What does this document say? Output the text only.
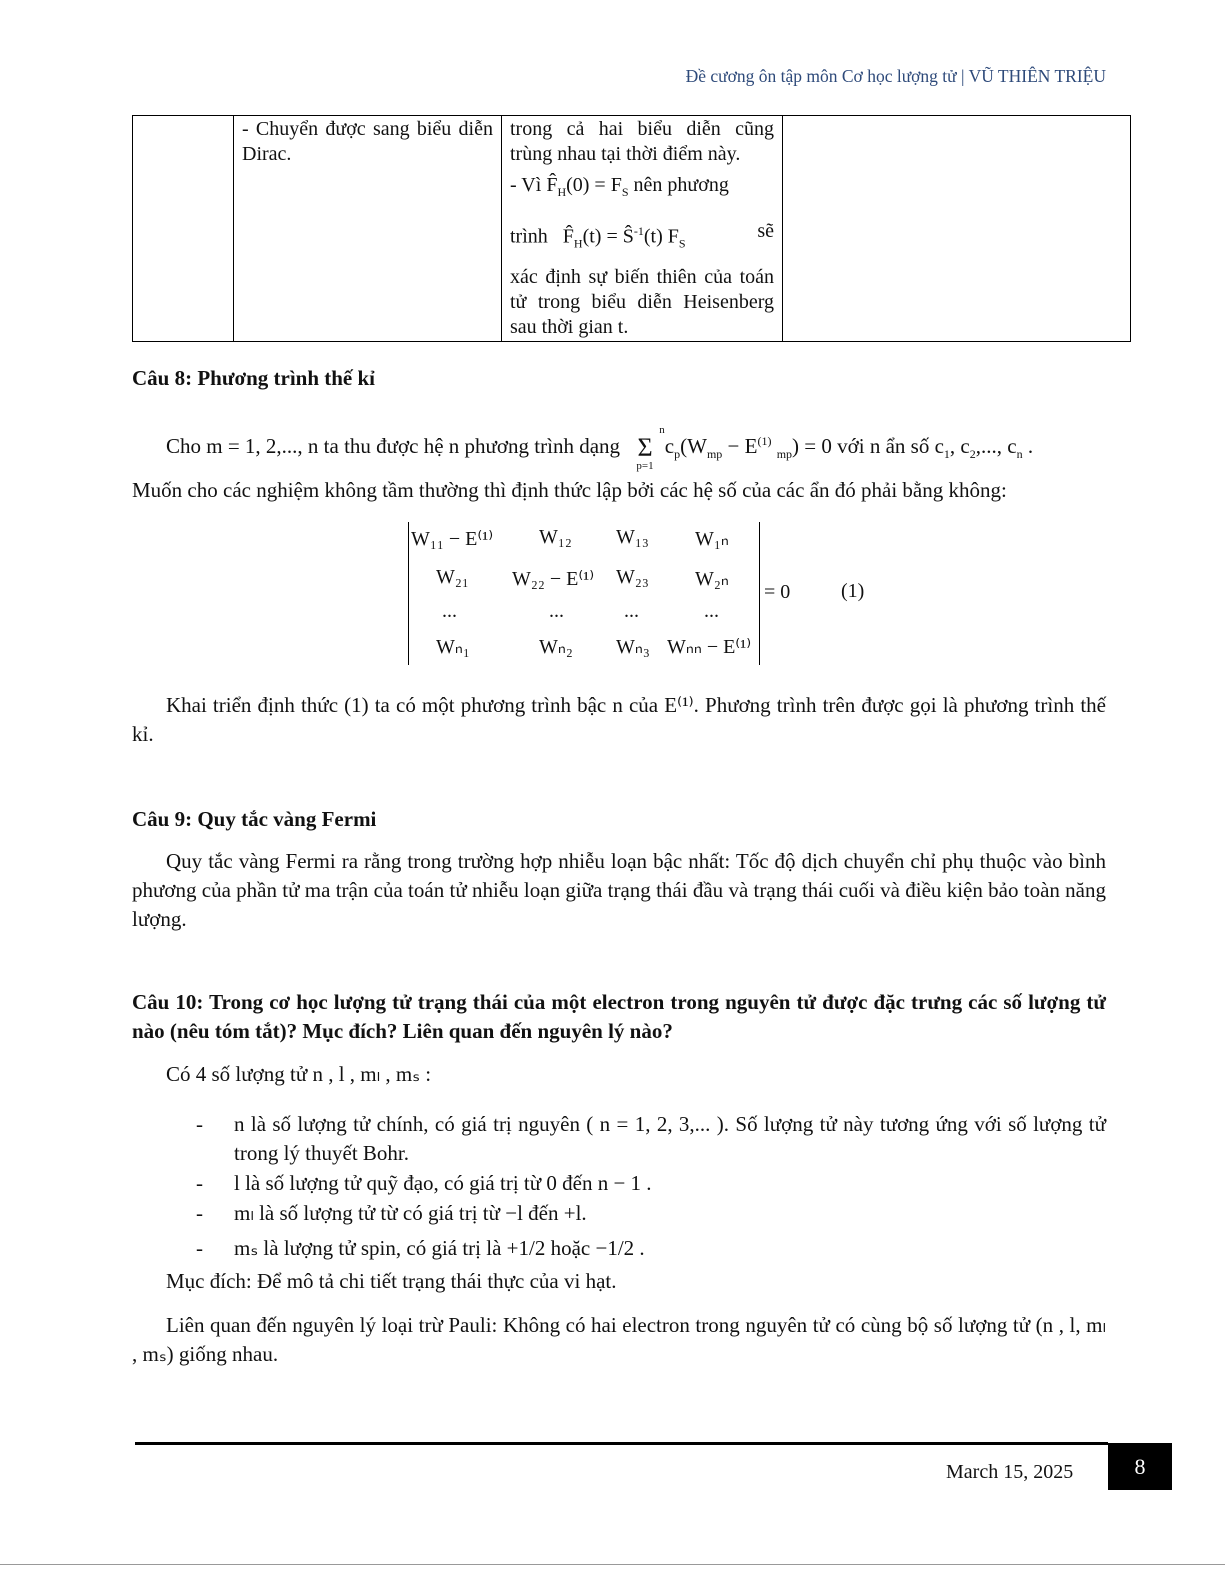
Đề cương ôn tập môn Cơ học lượng tử | VŨ THIÊN TRIỆU
	- Chuyển được sang biểu diễn Dirac.	
trong cả hai biểu diễn cũng trùng nhau tại thời điểm này.
- Vì $F̂_H(0) = F_S$ nên phương
trình   $F̂_H(t)$ = $Ŝ^{-1}(t)$ $F_S$
sẽ
xác định sự biến thiên của toán tử trong biểu diễn Heisenberg sau thời gian t.

Câu 8: Phương trình thế kỉ
Cho m = 1, 2,..., n ta thu được hệ n phương trình dạng n
Σ
$p=1c_p(W_{mp} - E^{(1)}$ $_{mp}$) = 0 với n ẩn số $c_1$, $c_2$,..., $c_n$ .
Muốn cho các nghiệm không tầm thường thì định thức lập bởi các hệ số của các ẩn đó phải bằng không:
W₁₁ − E⁽¹⁾ W₁₂ W₁₃ W₁ₙ
W₂₁ W₂₂ − E⁽¹⁾ W₂₃ W₂ₙ
...	...	...	...
Wₙ₁	Wₙ₂ Wₙ₃ Wₙₙ − E⁽¹⁾
= 0	(1)
Khai triển định thức (1) ta có một phương trình bậc n của E⁽¹⁾. Phương trình trên được gọi là phương trình thế kỉ.
Câu 9: Quy tắc vàng Fermi
Quy tắc vàng Fermi ra rằng trong trường hợp nhiễu loạn bậc nhất: Tốc độ dịch chuyển chỉ phụ thuộc vào bình phương của phần tử ma trận của toán tử nhiễu loạn giữa trạng thái đầu và trạng thái cuối và điều kiện bảo toàn năng lượng.
Câu 10: Trong cơ học lượng tử trạng thái của một electron trong nguyên tử được đặc trưng các số lượng tử nào (nêu tóm tắt)? Mục đích? Liên quan đến nguyên lý nào?
Có 4 số lượng tử n , l , mₗ , mₛ :
- n là số lượng tử chính, có giá trị nguyên ( n = 1, 2, 3,... ). Số lượng tử này tương ứng với số lượng tử trong lý thuyết Bohr.
- l là số lượng tử quỹ đạo, có giá trị từ 0 đến n − 1 .
- mₗ là số lượng tử từ có giá trị từ −l đến +l.
- mₛ là lượng tử spin, có giá trị là +1/2 hoặc −1/2 .
Mục đích: Để mô tả chi tiết trạng thái thực của vi hạt.
Liên quan đến nguyên lý loại trừ Pauli: Không có hai electron trong nguyên tử có cùng bộ số lượng tử (n , l, mₗ , mₛ) giống nhau.
March 15, 2025	8
